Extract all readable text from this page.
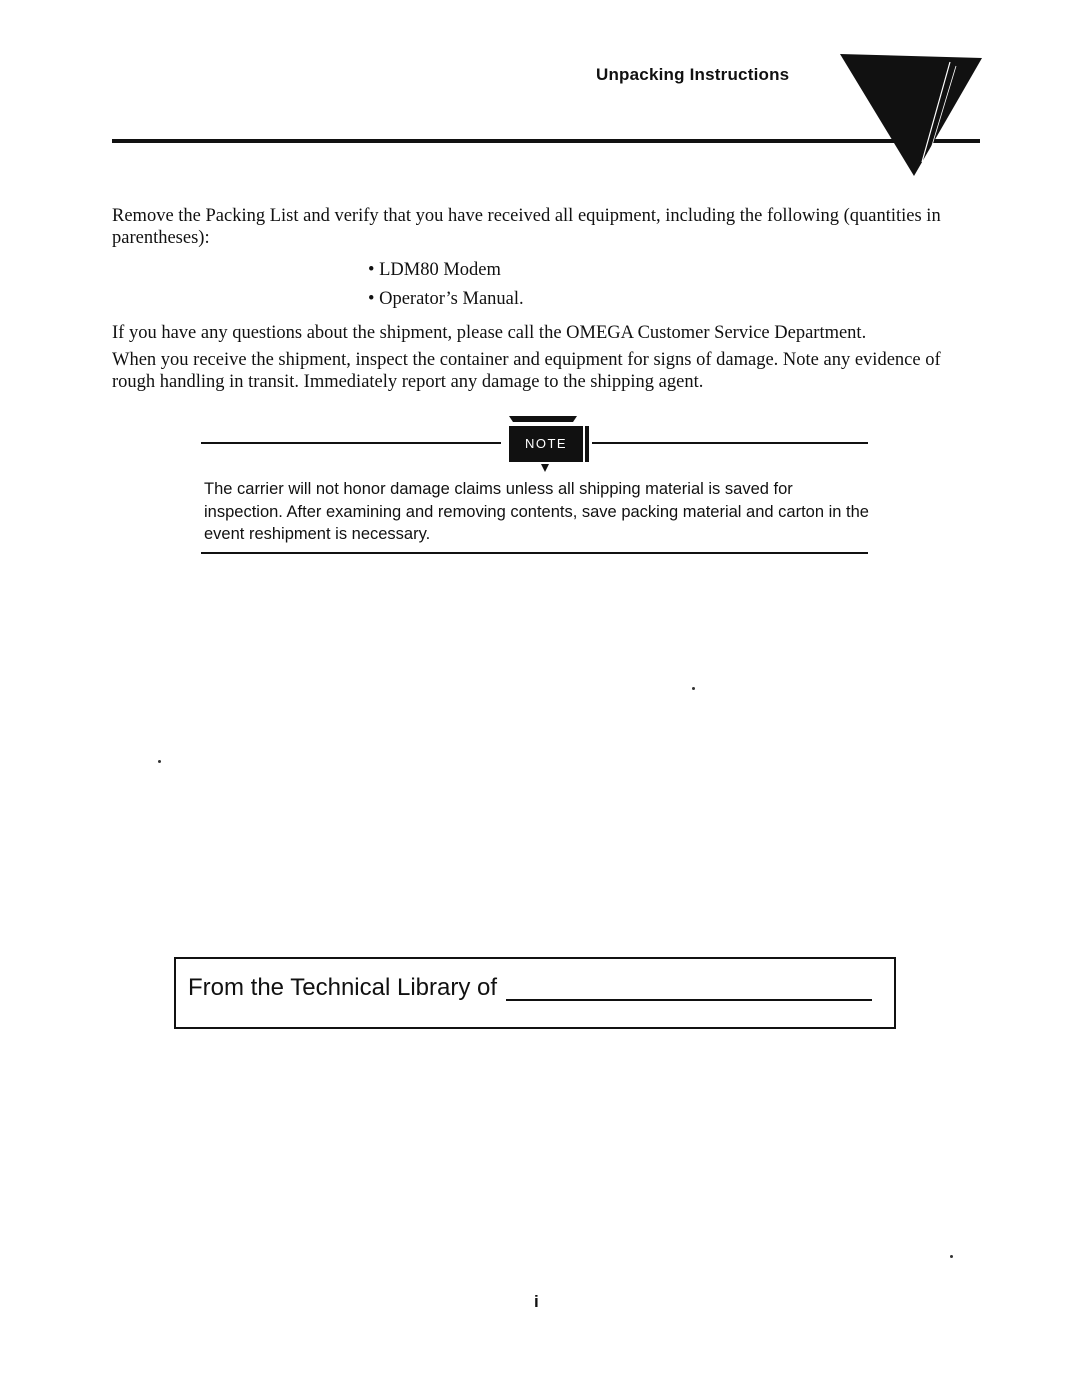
Unpacking Instructions
Remove the Packing List and verify that you have received all equipment, including the following (quantities in parentheses):
• LDM80 Modem
• Operator’s Manual.
If you have any questions about the shipment, please call the OMEGA Customer Service Department.
When you receive the shipment, inspect the container and equipment for signs of damage. Note any evidence of rough handling in transit. Immediately report any damage to the shipping agent.
NOTE
The carrier will not honor damage claims unless all shipping material is saved for inspection. After examining and removing contents, save packing material and carton in the event reshipment is necessary.
From the Technical Library of
i
